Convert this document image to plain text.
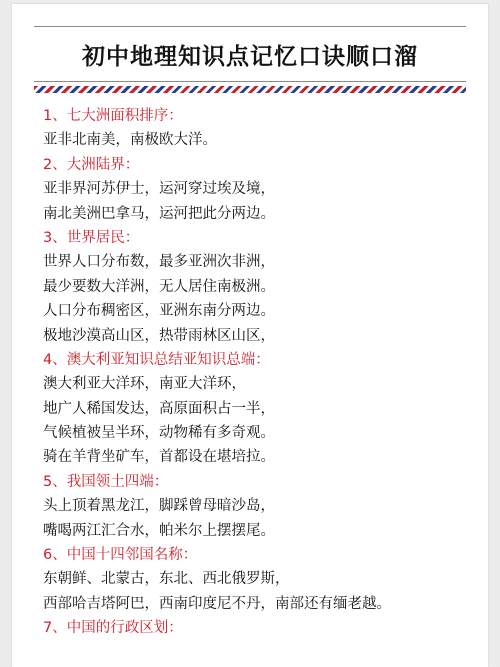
初中地理知识点记忆口诀顺口溜
1、七大洲面积排序：
亚非北南美，南极欧大洋。
2、大洲陆界：
亚非界河苏伊士，运河穿过埃及境，
南北美洲巴拿马，运河把此分两边。
3、世界居民：
世界人口分布数，最多亚洲次非洲，
最少要数大洋洲，无人居住南极洲。
人口分布稠密区，亚洲东南分两边。
极地沙漠高山区，热带雨林区山区，
4、澳大利亚知识总结亚知识总端：
澳大利亚大洋环，南亚大洋环，
地广人稀国发达，高原面积占一半，
气候植被呈半环，动物稀有多奇观。
骑在羊背坐矿车，首都设在堪培拉。
5、我国领土四端：
头上顶着黑龙江，脚踩曾母暗沙岛，
嘴喝两江汇合水，帕米尔上摆摆尾。
6、中国十四邻国名称：
东朝鲜、北蒙古，东北、西北俄罗斯，
西部哈吉塔阿巴，西南印度尼不丹，南部还有缅老越。
7、中国的行政区划：
